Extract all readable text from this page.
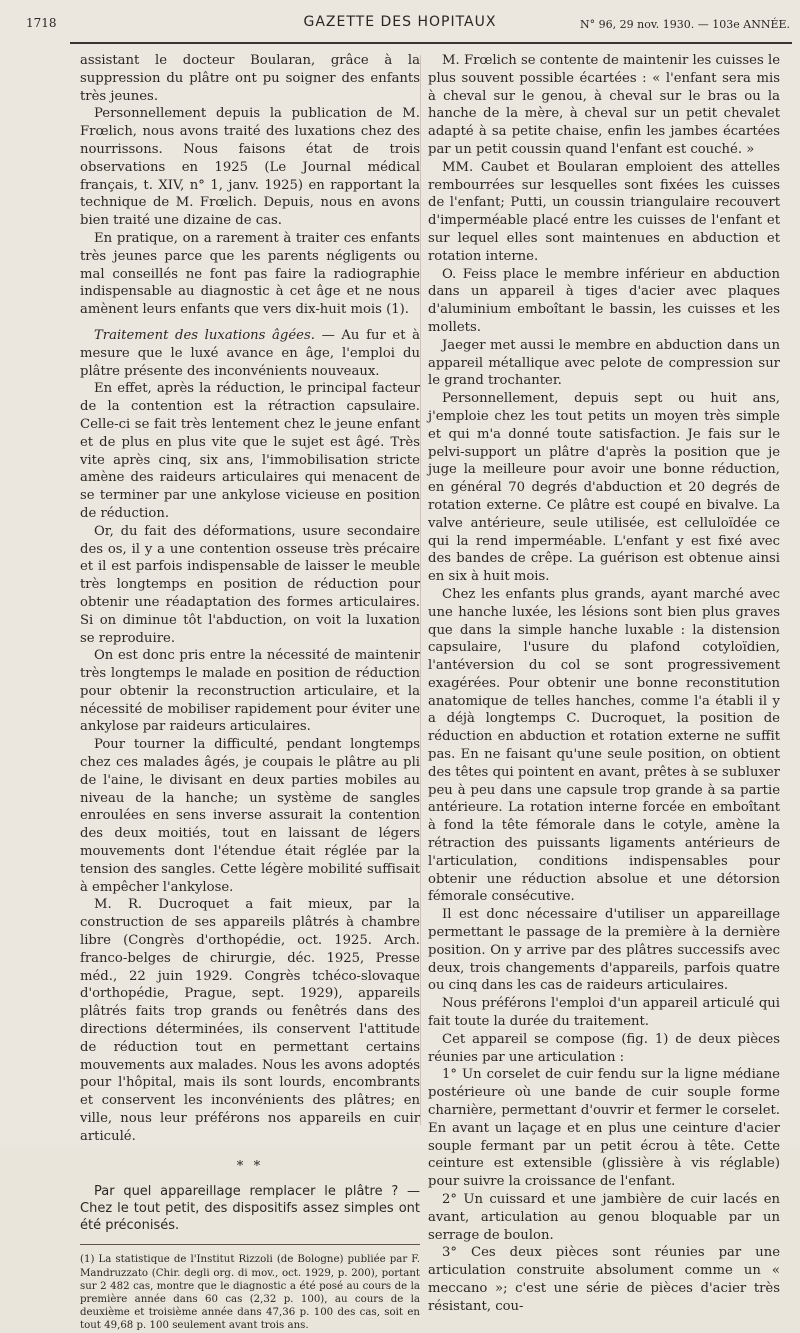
1718	GAZETTE DES HOPITAUX	N° 96, 29 nov. 1930. — 103e ANNÉE.

assistant le docteur Boularan, grâce à la suppression du plâtre ont pu soigner des enfants très jeunes.

Personnellement depuis la publication de M. Frœlich, nous avons traité des luxations chez des nourrissons. Nous faisons état de trois observations en 1925 (Le Journal médical français, t. XIV, n° 1, janv. 1925) en rapportant la technique de M. Frœlich. Depuis, nous en avons bien traité une dizaine de cas.

En pratique, on a rarement à traiter ces enfants très jeunes parce que les parents négligents ou mal conseillés ne font pas faire la radiographie indispensable au diagnostic à cet âge et ne nous amènent leurs enfants que vers dix-huit mois (1).

Traitement des luxations âgées. — Au fur et à mesure que le luxé avance en âge, l'emploi du plâtre présente des inconvénients nouveaux.

En effet, après la réduction, le principal facteur de la contention est la rétraction capsulaire. Celle-ci se fait très lentement chez le jeune enfant et de plus en plus vite que le sujet est âgé. Très vite après cinq, six ans, l'immobilisation stricte amène des raideurs articulaires qui menacent de se terminer par une ankylose vicieuse en position de réduction.

Or, du fait des déformations, usure secondaire des os, il y a une contention osseuse très précaire et il est parfois indispensable de laisser le meuble très longtemps en position de réduction pour obtenir une réadaptation des formes articulaires. Si on diminue tôt l'abduction, on voit la luxation se reproduire.

On est donc pris entre la nécessité de maintenir très longtemps le malade en position de réduction pour obtenir la reconstruction articulaire, et la nécessité de mobiliser rapidement pour éviter une ankylose par raideurs articulaires.

Pour tourner la difficulté, pendant longtemps chez ces malades âgés, je coupais le plâtre au pli de l'aine, le divisant en deux parties mobiles au niveau de la hanche; un système de sangles enroulées en sens inverse assurait la contention des deux moitiés, tout en laissant de légers mouvements dont l'étendue était réglée par la tension des sangles. Cette légère mobilité suffisait à empêcher l'ankylose.

M. R. Ducroquet a fait mieux, par la construction de ses appareils plâtrés à chambre libre (Congrès d'orthopédie, oct. 1925. Arch. franco-belges de chirurgie, déc. 1925, Presse méd., 22 juin 1929. Congrès tchéco-slovaque d'orthopédie, Prague, sept. 1929), appareils plâtrés faits trop grands ou fenêtrés dans des directions déterminées, ils conservent l'attitude de réduction tout en permettant certains mouvements aux malades. Nous les avons adoptés pour l'hôpital, mais ils sont lourds, encombrants et conservent les inconvénients des plâtres; en ville, nous leur préférons nos appareils en cuir articulé.

* *

Par quel appareillage remplacer le plâtre ? — Chez le tout petit, des dispositifs assez simples ont été préconisés.

(1) La statistique de l'Institut Rizzoli (de Bologne) publiée par F. Mandruzzato (Chir. degli org. di mov., oct. 1929, p. 200), portant sur 2 482 cas, montre que le diagnostic a été posé au cours de la première année dans 60 cas (2,32 p. 100), au cours de la deuxième et troisième année dans 47,36 p. 100 des cas, soit en tout 49,68 p. 100 seulement avant trois ans.

M. Frœlich se contente de maintenir les cuisses le plus souvent possible écartées : « l'enfant sera mis à cheval sur le genou, à cheval sur le bras ou la hanche de la mère, à cheval sur un petit chevalet adapté à sa petite chaise, enfin les jambes écartées par un petit coussin quand l'enfant est couché. »

MM. Caubet et Boularan emploient des attelles rembourrées sur lesquelles sont fixées les cuisses de l'enfant; Putti, un coussin triangulaire recouvert d'imperméable placé entre les cuisses de l'enfant et sur lequel elles sont maintenues en abduction et rotation interne.

O. Feiss place le membre inférieur en abduction dans un appareil à tiges d'acier avec plaques d'aluminium emboîtant le bassin, les cuisses et les mollets.

Jaeger met aussi le membre en abduction dans un appareil métallique avec pelote de compression sur le grand trochanter.

Personnellement, depuis sept ou huit ans, j'emploie chez les tout petits un moyen très simple et qui m'a donné toute satisfaction. Je fais sur le pelvi-support un plâtre d'après la position que je juge la meilleure pour avoir une bonne réduction, en général 70 degrés d'abduction et 20 degrés de rotation externe. Ce plâtre est coupé en bivalve. La valve antérieure, seule utilisée, est celluloïdée ce qui la rend imperméable. L'enfant y est fixé avec des bandes de crêpe. La guérison est obtenue ainsi en six à huit mois.

Chez les enfants plus grands, ayant marché avec une hanche luxée, les lésions sont bien plus graves que dans la simple hanche luxable : la distension capsulaire, l'usure du plafond cotyloïdien, l'antéversion du col se sont progressivement exagérées. Pour obtenir une bonne reconstitution anatomique de telles hanches, comme l'a établi il y a déjà longtemps C. Ducroquet, la position de réduction en abduction et rotation externe ne suffit pas. En ne faisant qu'une seule position, on obtient des têtes qui pointent en avant, prêtes à se subluxer peu à peu dans une capsule trop grande à sa partie antérieure. La rotation interne forcée en emboîtant à fond la tête fémorale dans le cotyle, amène la rétraction des puissants ligaments antérieurs de l'articulation, conditions indispensables pour obtenir une réduction absolue et une détorsion fémorale consécutive.

Il est donc nécessaire d'utiliser un appareillage permettant le passage de la première à la dernière position. On y arrive par des plâtres successifs avec deux, trois changements d'appareils, parfois quatre ou cinq dans les cas de raideurs articulaires.

Nous préférons l'emploi d'un appareil articulé qui fait toute la durée du traitement.

Cet appareil se compose (fig. 1) de deux pièces réunies par une articulation :

1° Un corselet de cuir fendu sur la ligne médiane postérieure où une bande de cuir souple forme charnière, permettant d'ouvrir et fermer le corselet. En avant un laçage et en plus une ceinture d'acier souple fermant par un petit écrou à tête. Cette ceinture est extensible (glissière à vis réglable) pour suivre la croissance de l'enfant.

2° Un cuissard et une jambière de cuir lacés en avant, articulation au genou bloquable par un serrage de boulon.

3° Ces deux pièces sont réunies par une articulation construite absolument comme un « meccano »; c'est une série de pièces d'acier très résistant, cou-
